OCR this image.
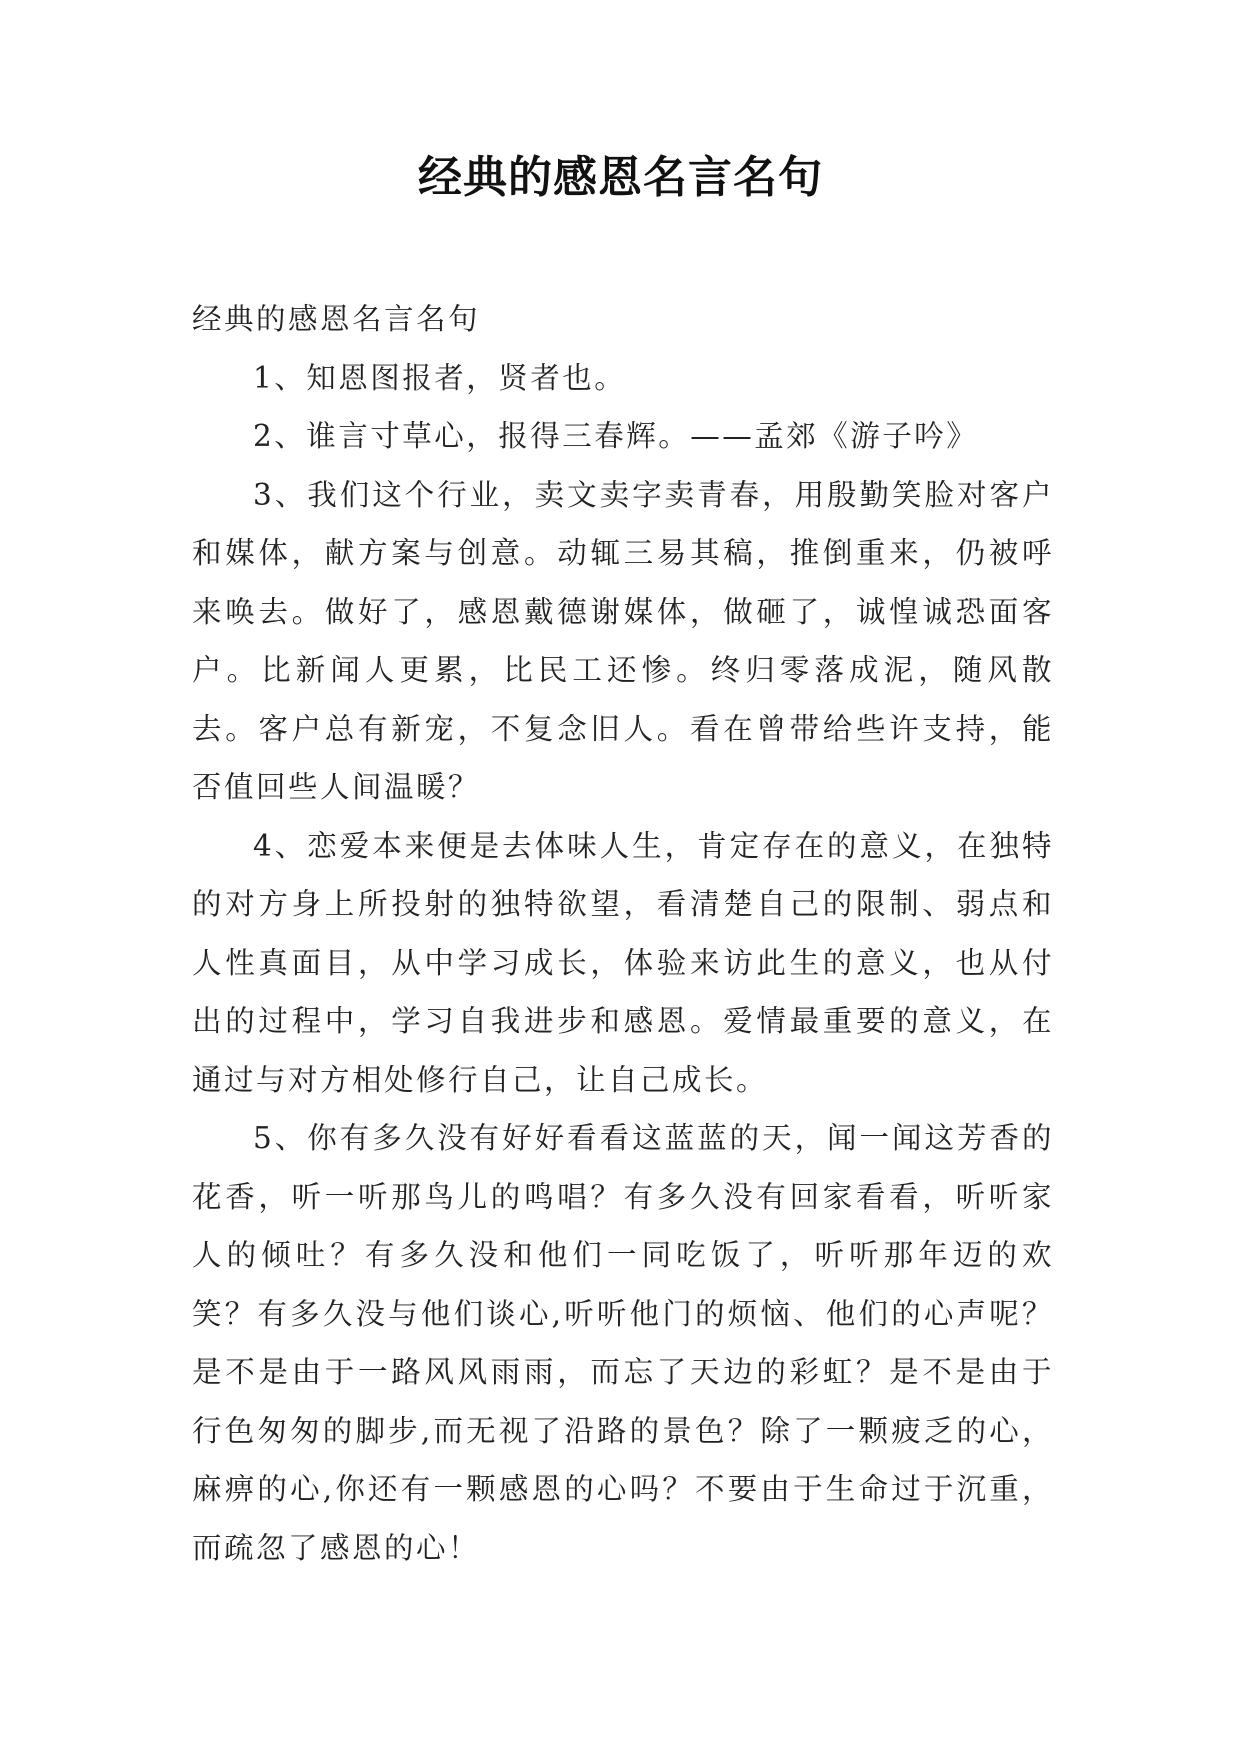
经典的感恩名言名句

经典的感恩名言名句

1、知恩图报者，贤者也。

2、谁言寸草心，报得三春辉。——孟郊《游子吟》

3、我们这个行业，卖文卖字卖青春，用殷勤笑脸对客户和媒体，献方案与创意。动辄三易其稿，推倒重来，仍被呼来唤去。做好了，感恩戴德谢媒体，做砸了，诚惶诚恐面客户。比新闻人更累，比民工还惨。终归零落成泥，随风散去。客户总有新宠，不复念旧人。看在曾带给些许支持，能否值回些人间温暖？

4、恋爱本来便是去体味人生，肯定存在的意义，在独特的对方身上所投射的独特欲望，看清楚自己的限制、弱点和人性真面目，从中学习成长，体验来访此生的意义，也从付出的过程中，学习自我进步和感恩。爱情最重要的意义，在通过与对方相处修行自己，让自己成长。

5、你有多久没有好好看看这蓝蓝的天，闻一闻这芳香的花香，听一听那鸟儿的鸣唱？有多久没有回家看看，听听家人的倾吐？有多久没和他们一同吃饭了，听听那年迈的欢笑？有多久没与他们谈心,听听他门的烦恼、他们的心声呢？是不是由于一路风风雨雨，而忘了天边的彩虹？是不是由于行色匆匆的脚步,而无视了沿路的景色？除了一颗疲乏的心，麻痹的心,你还有一颗感恩的心吗？不要由于生命过于沉重，而疏忽了感恩的心！
